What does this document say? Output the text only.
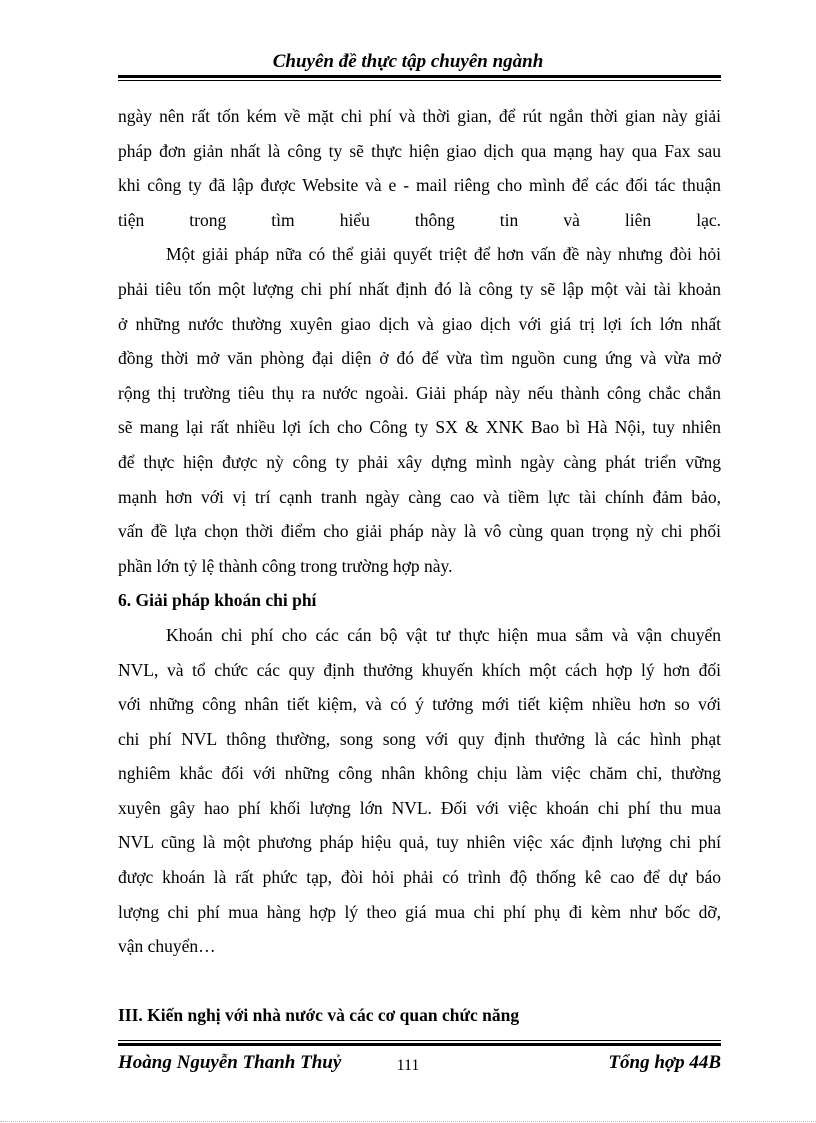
Chuyên đề thực tập chuyên ngành
ngày nên rất tốn kém về mặt chi phí và thời gian, để rút ngắn thời gian này giải
pháp đơn giản nhất là công ty sẽ thực hiện giao dịch qua mạng hay qua Fax sau
khi công ty đã lập được Website và e - mail riêng cho mình để các đối tác thuận
tiện trong tìm hiểu thông tin và liên lạc.
Một giải pháp nữa có thể giải quyết triệt để hơn vấn đề này nhưng đòi hỏi
phải tiêu tốn một lượng chi phí nhất định đó là công ty sẽ lập một vài tài khoản
ở những nước thường xuyên giao dịch và giao dịch với giá trị lợi ích lớn nhất
đồng thời mở văn phòng đại diện ở đó để vừa tìm nguồn cung ứng và vừa mở
rộng thị trường tiêu thụ ra nước ngoài. Giải pháp này nếu thành công chắc chắn
sẽ mang lại rất nhiều lợi ích cho Công ty SX & XNK Bao bì Hà Nội, tuy nhiên
để thực hiện được nỳ công ty phải xây dựng mình ngày càng phát triển vững
mạnh hơn với vị trí cạnh tranh ngày càng cao và tiềm lực tài chính đảm bảo,
vấn đề lựa chọn thời điểm cho giải pháp này là vô cùng quan trọng nỳ chi phối
phần lớn tỷ lệ thành công trong trường hợp này.
6. Giải pháp khoán chi phí
Khoán chi phí cho các cán bộ vật tư thực hiện mua sắm và vận chuyển
NVL, và tổ chức các quy định thưởng khuyến khích một cách hợp lý hơn đối
với những công nhân tiết kiệm, và có ý tưởng mới tiết kiệm nhiều hơn so với
chi phí NVL thông thường, song song với quy định thưởng là các hình phạt
nghiêm khắc đối với những công nhân không chịu làm việc chăm chỉ, thường
xuyên gây hao phí khối lượng lớn NVL. Đối với việc khoán chi phí thu mua
NVL cũng là một phương pháp hiệu quả, tuy nhiên việc xác định lượng chi phí
được khoán là rất phức tạp, đòi hỏi phải có trình độ thống kê cao để dự báo
lượng chi phí mua hàng hợp lý theo giá mua chi phí phụ đi kèm như bốc dỡ,
vận chuyển…
III. Kiến nghị với nhà nước và các cơ quan chức năng
Hoàng Nguyễn Thanh Thuỷ	111	Tổng hợp 44B
